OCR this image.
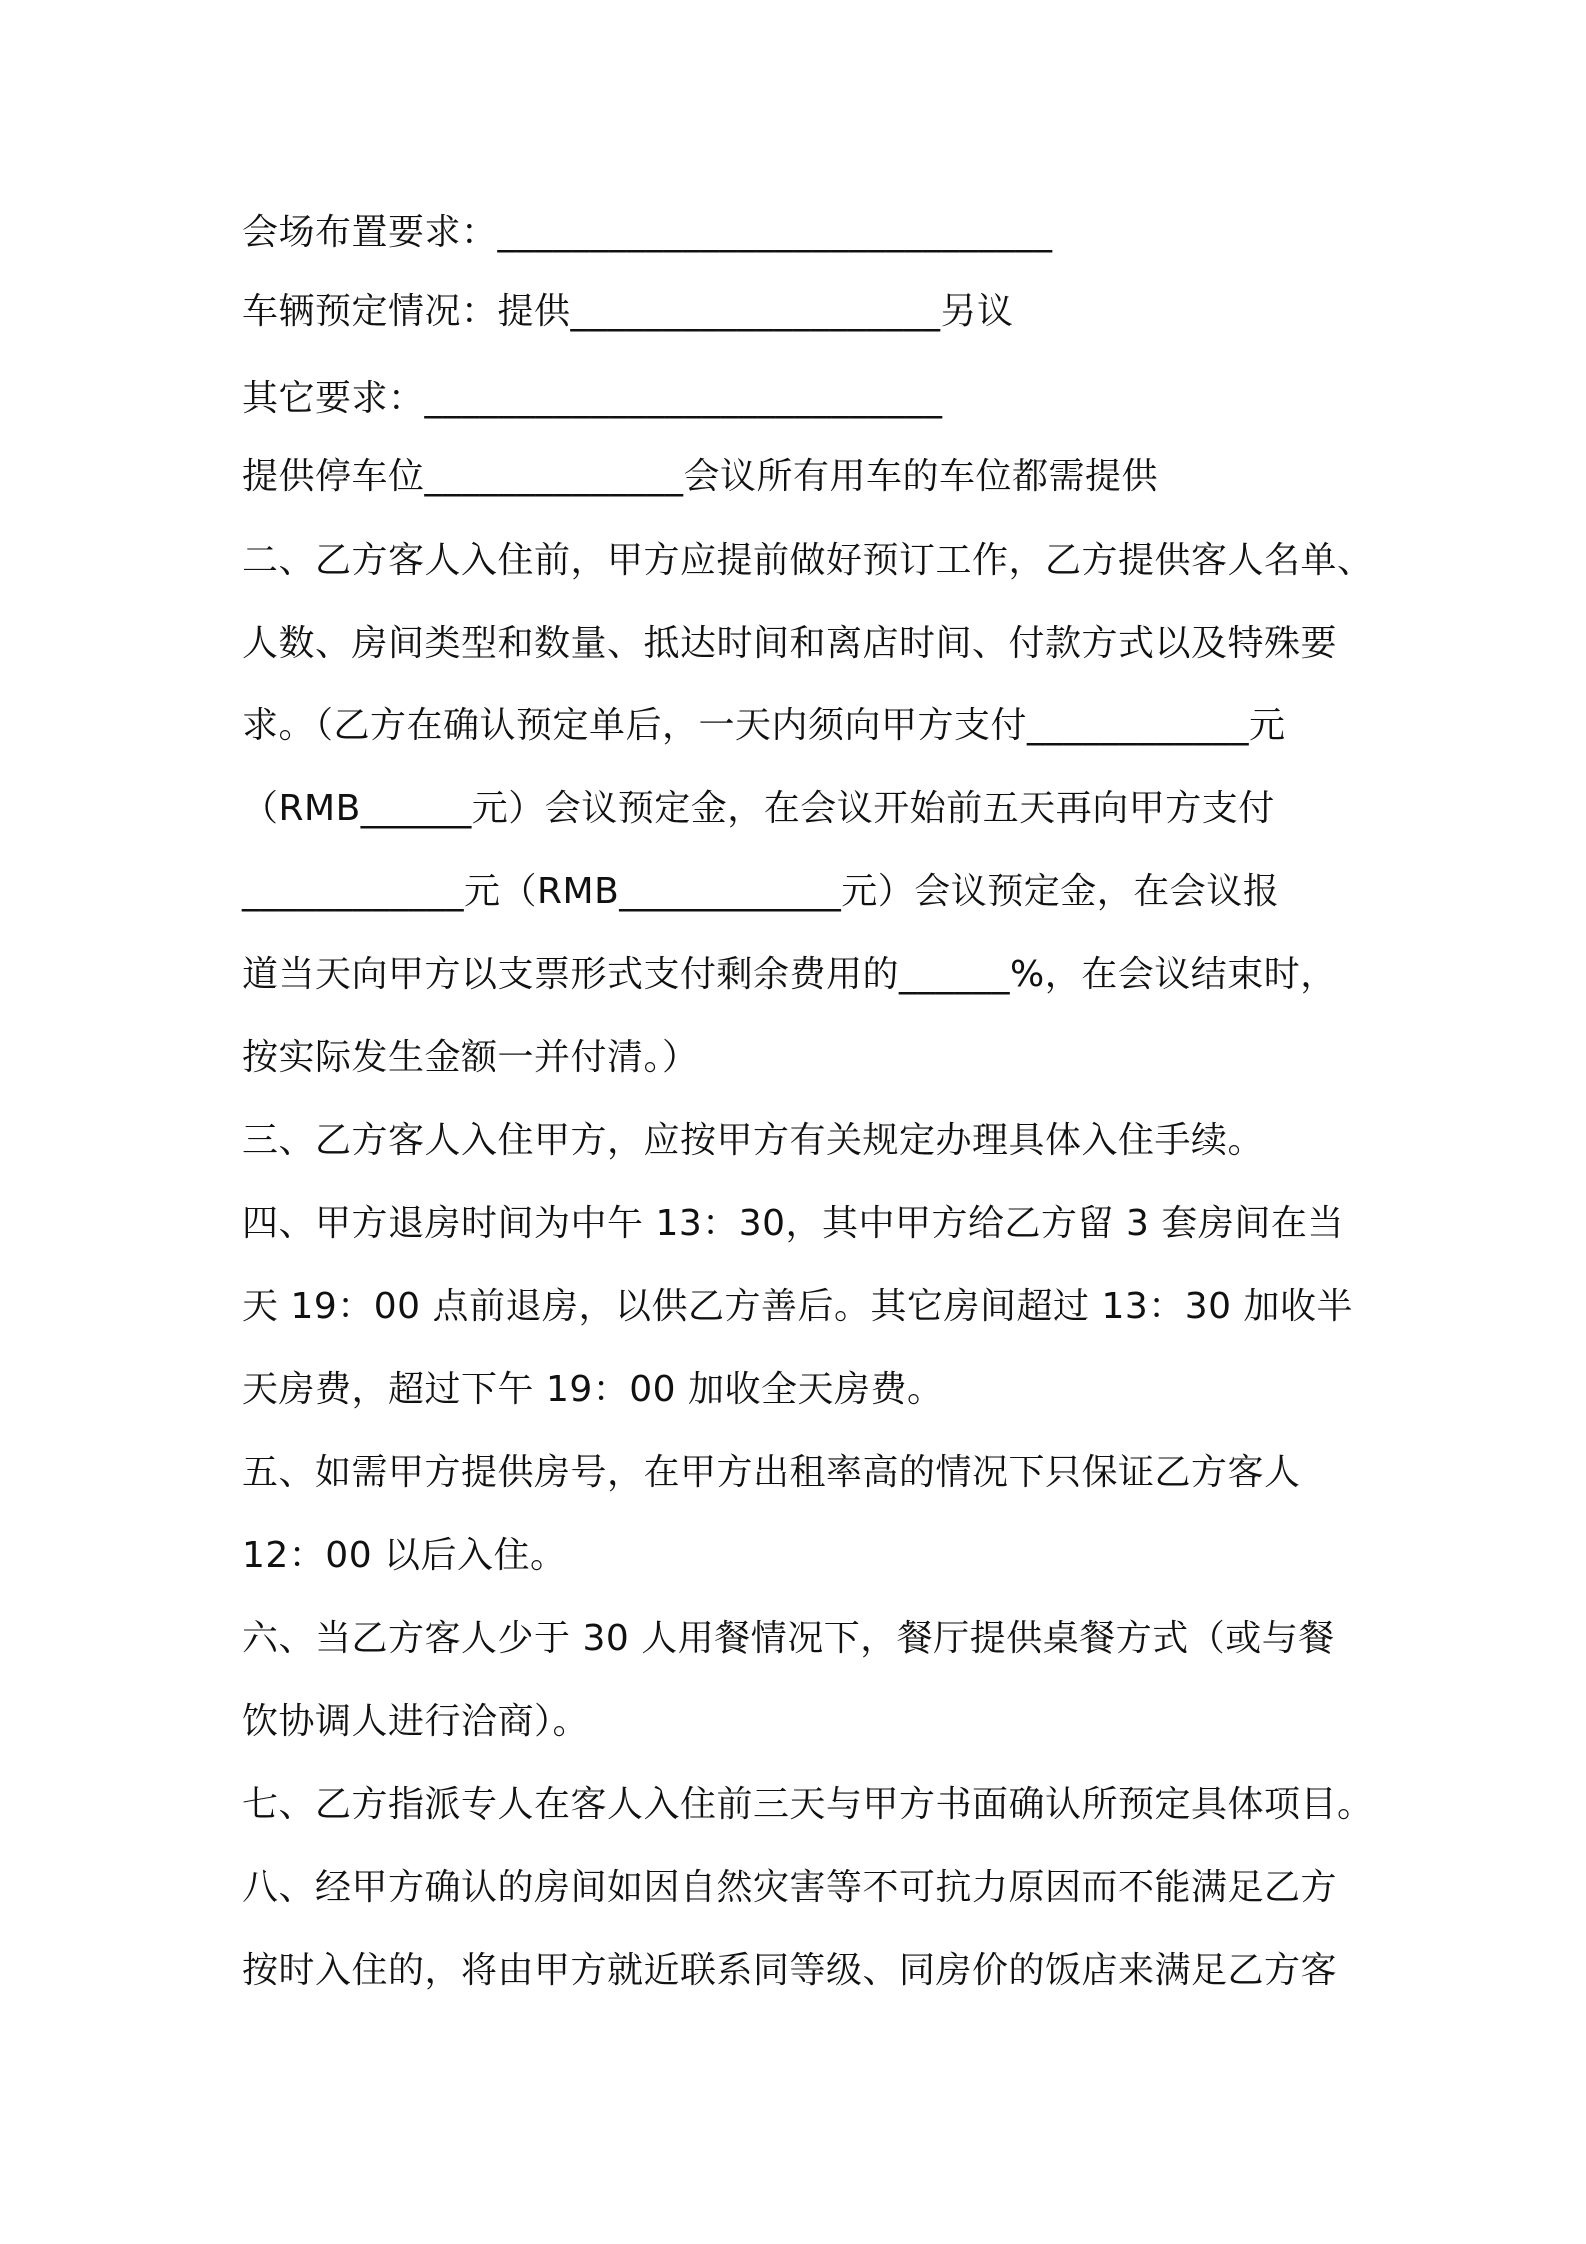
会场布置要求：______________________________
车辆预定情况：提供____________________另议
其它要求：____________________________
提供停车位______________会议所有用车的车位都需提供
二、乙方客人入住前，甲方应提前做好预订工作，乙方提供客人名单、
人数、房间类型和数量、抵达时间和离店时间、付款方式以及特殊要
求。（乙方在确认预定单后，一天内须向甲方支付____________元
（RMB______元）会议预定金，在会议开始前五天再向甲方支付
____________元（RMB____________元）会议预定金，在会议报
道当天向甲方以支票形式支付剩余费用的______%，在会议结束时，
按实际发生金额一并付清。）
三、乙方客人入住甲方，应按甲方有关规定办理具体入住手续。
四、甲方退房时间为中午 13：30，其中甲方给乙方留 3 套房间在当
天 19：00 点前退房，以供乙方善后。其它房间超过 13：30 加收半
天房费，超过下午 19：00 加收全天房费。
五、如需甲方提供房号，在甲方出租率高的情况下只保证乙方客人
12：00 以后入住。
六、当乙方客人少于 30 人用餐情况下，餐厅提供桌餐方式（或与餐
饮协调人进行洽商）。
七、乙方指派专人在客人入住前三天与甲方书面确认所预定具体项目。
八、经甲方确认的房间如因自然灾害等不可抗力原因而不能满足乙方
按时入住的，将由甲方就近联系同等级、同房价的饭店来满足乙方客
